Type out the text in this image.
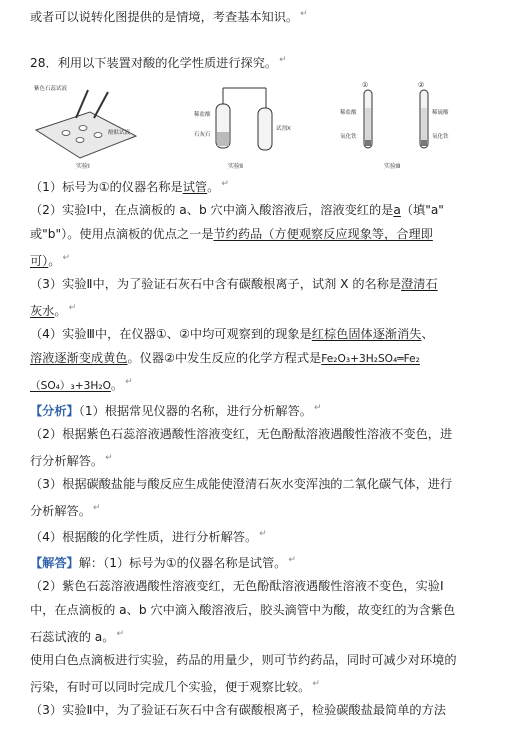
或者可以说转化图提供的是情境，考查基本知识。 ↵
28．利用以下装置对酸的化学性质进行探究。 ↵
紫色石蕊试液
酚酞试液
实验Ⅰ
稀盐酸
石灰石
试剂X
实验Ⅱ
①	②
稀盐酸	稀硫酸
氧化铁	氧化铁
实验Ⅲ
（1）标号为①的仪器名称是试管。 ↵
（2）实验Ⅰ中，在点滴板的 a、b 穴中滴入酸溶液后，溶液变红的是a（填"a"
或"b"）。使用点滴板的优点之一是节约药品（方便观察反应现象等，合理即
可）。 ↵
（3）实验Ⅱ中，为了验证石灰石中含有碳酸根离子，试剂 X 的名称是澄清石
灰水。 ↵
（4）实验Ⅲ中，在仪器①、②中均可观察到的现象是红棕色固体逐渐消失、
溶液逐渐变成黄色。仪器②中发生反应的化学方程式是Fe₂O₃+3H₂SO₄═Fe₂
（SO₄）₃+3H₂O。 ↵
【分析】（1）根据常见仪器的名称，进行分析解答。 ↵
（2）根据紫色石蕊溶液遇酸性溶液变红，无色酚酞溶液遇酸性溶液不变色，进
行分析解答。 ↵
（3）根据碳酸盐能与酸反应生成能使澄清石灰水变浑浊的二氧化碳气体，进行
分析解答。 ↵
（4）根据酸的化学性质，进行分析解答。 ↵
【解答】解：（1）标号为①的仪器名称是试管。 ↵
（2）紫色石蕊溶液遇酸性溶液变红，无色酚酞溶液遇酸性溶液不变色，实验Ⅰ
中，在点滴板的 a、b 穴中滴入酸溶液后，胶头滴管中为酸，故变红的为含紫色
石蕊试液的 a。 ↵
使用白色点滴板进行实验，药品的用量少，则可节约药品，同时可减少对环境的
污染，有时可以同时完成几个实验，便于观察比较。 ↵
（3）实验Ⅱ中，为了验证石灰石中含有碳酸根离子，检验碳酸盐最简单的方法
